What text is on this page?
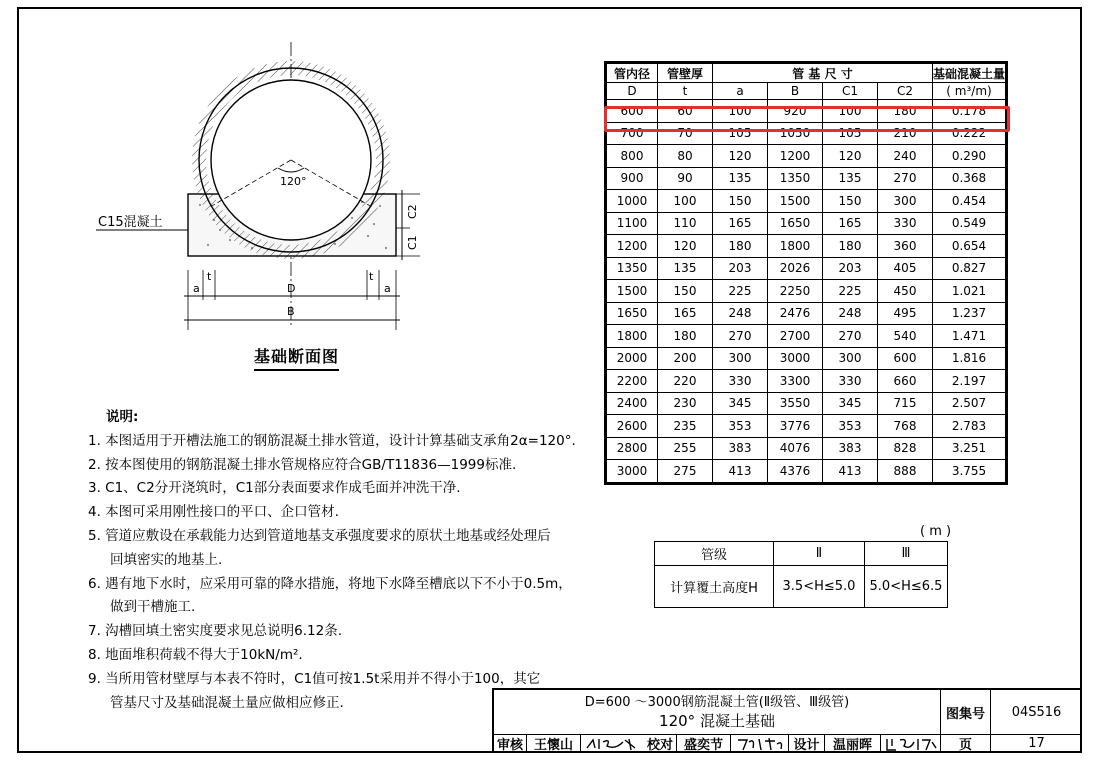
120°
C15混凝土
C2
C1
a
t
D
t
a
B
基础断面图
管内径	管壁厚	管 基 尺 寸				基础混凝土量
D	t	a	B	C1	C2	( m³/m)
600	60	100	920	100	180	0.178
700	70	105	1050	105	210	0.222
800	80	120	1200	120	240	0.290
900	90	135	1350	135	270	0.368
1000	100	150	1500	150	300	0.454
1100	110	165	1650	165	330	0.549
1200	120	180	1800	180	360	0.654
1350	135	203	2026	203	405	0.827
1500	150	225	2250	225	450	1.021
1650	165	248	2476	248	495	1.237
1800	180	270	2700	270	540	1.471
2000	200	300	3000	300	600	1.816
2200	220	330	3300	330	660	2.197
2400	230	345	3550	345	715	2.507
2600	235	353	3776	353	768	2.783
2800	255	383	4076	383	828	3.251
3000	275	413	4376	413	888	3.755
( m )
管级	Ⅱ	Ⅲ
计算覆土高度H	3.5<H≤5.0	5.0<H≤6.5
说明:
1. 本图适用于开槽法施工的钢筋混凝土排水管道，设计计算基础支承角2α=120°.
2. 按本图使用的钢筋混凝土排水管规格应符合GB/T11836—1999标准.
3. C1、C2分开浇筑时，C1部分表面要求作成毛面并冲洗干净.
4. 本图可采用刚性接口的平口、企口管材.
5. 管道应敷设在承载能力达到管道地基支承强度要求的原状土地基或经处理后
回填密实的地基上.
6. 遇有地下水时，应采用可靠的降水措施，将地下水降至槽底以下不小于0.5m，
做到干槽施工.
7. 沟槽回填土密实度要求见总说明6.12条.
8. 地面堆积荷载不得大于10kN/m².
9. 当所用管材壁厚与本表不符时，C1值可按1.5t采用并不得小于100，其它
管基尺寸及基础混凝土量应做相应修正.	D=600 ～3000钢筋混凝土管(Ⅱ级管、Ⅲ级管)
120° 混凝土基础	图集号	04S516
审核 王懷山	校对 盛奕节	设计	温丽晖	页	17
